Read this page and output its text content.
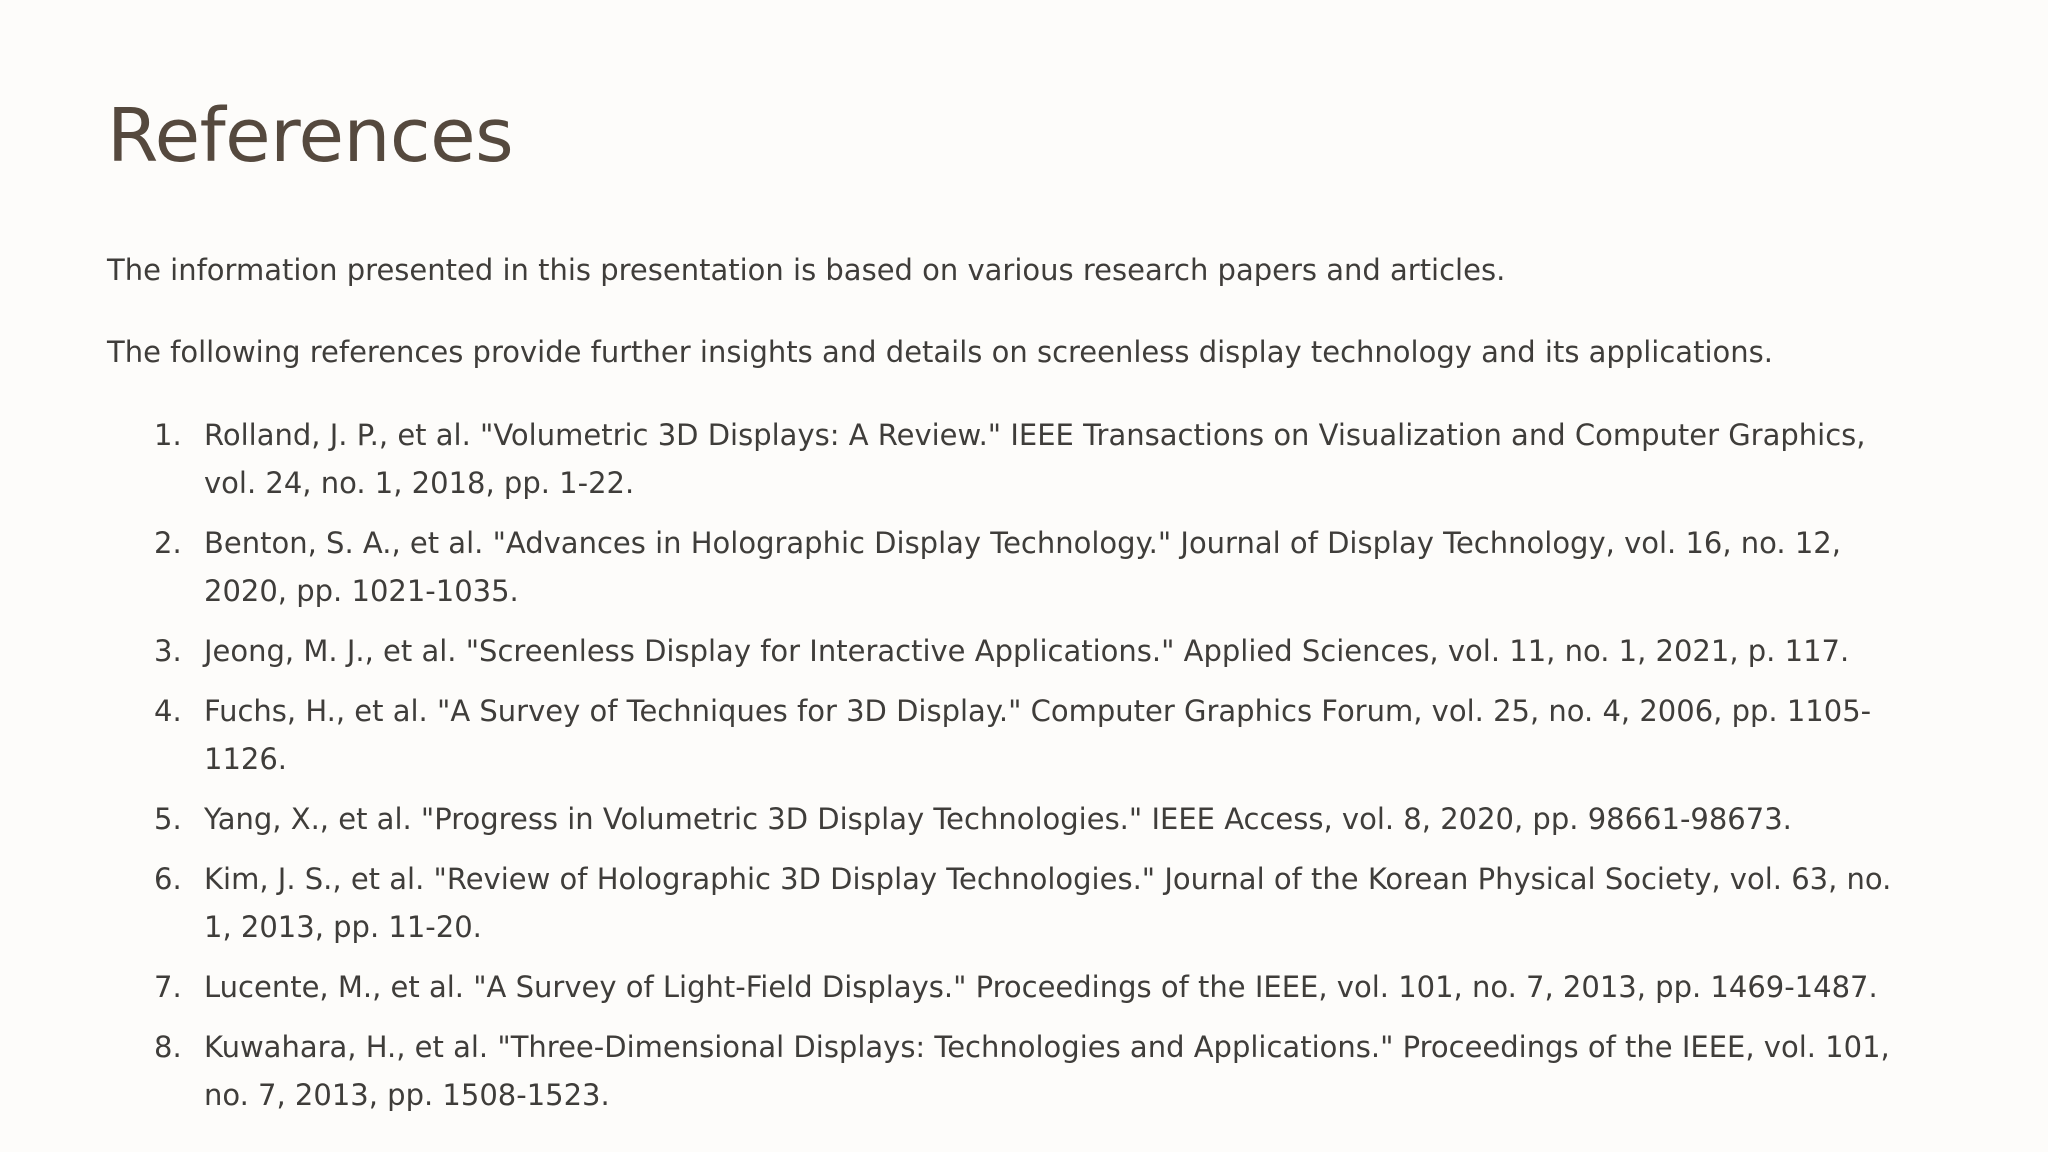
References

The information presented in this presentation is based on various research papers and articles.

The following references provide further insights and details on screenless display technology and its applications.

1. Rolland, J. P., et al. "Volumetric 3D Displays: A Review." IEEE Transactions on Visualization and Computer Graphics, vol. 24, no. 1, 2018, pp. 1-22.
2. Benton, S. A., et al. "Advances in Holographic Display Technology." Journal of Display Technology, vol. 16, no. 12, 2020, pp. 1021-1035.
3. Jeong, M. J., et al. "Screenless Display for Interactive Applications." Applied Sciences, vol. 11, no. 1, 2021, p. 117.
4. Fuchs, H., et al. "A Survey of Techniques for 3D Display." Computer Graphics Forum, vol. 25, no. 4, 2006, pp. 1105-1126.
5. Yang, X., et al. "Progress in Volumetric 3D Display Technologies." IEEE Access, vol. 8, 2020, pp. 98661-98673.
6. Kim, J. S., et al. "Review of Holographic 3D Display Technologies." Journal of the Korean Physical Society, vol. 63, no. 1, 2013, pp. 11-20.
7. Lucente, M., et al. "A Survey of Light-Field Displays." Proceedings of the IEEE, vol. 101, no. 7, 2013, pp. 1469-1487.
8. Kuwahara, H., et al. "Three-Dimensional Displays: Technologies and Applications." Proceedings of the IEEE, vol. 101, no. 7, 2013, pp. 1508-1523.
